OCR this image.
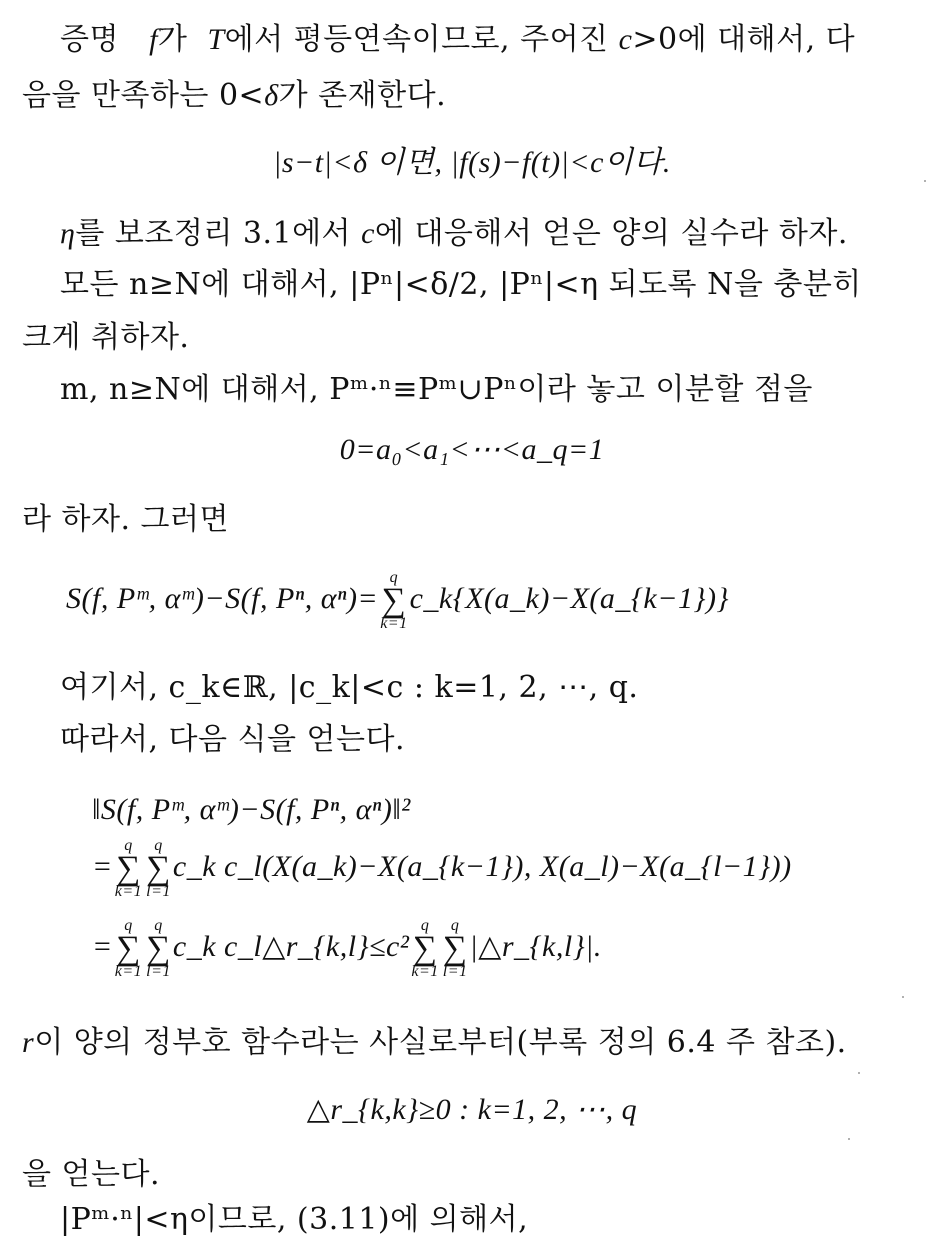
증명 f가 T에서 평등연속이므로, 주어진 c>0에 대해서, 다
음을 만족하는 0<δ가 존재한다.
|s−t|<δ 이면, |f(s)−f(t)|<c이다.
η를 보조정리 3.1에서 c에 대응해서 얻은 양의 실수라 하자.
모든 n≥N에 대해서, |Pⁿ|<δ/2, |Pⁿ|<η 되도록 N을 충분히
크게 취하자.
m, n≥N에 대해서, Pᵐ·ⁿ≡Pᵐ∪Pⁿ이라 놓고 이분할 점을
0=a₀<a₁<⋯<a_q=1
라 하자. 그러면
S(f, Pᵐ, αᵐ)−S(f, Pⁿ, αⁿ)=
q
∑
k=1
c_k{X(a_k)−X(a_{k−1})}
여기서, c_k∈ℝ, |c_k|<c : k=1, 2, ⋯, q.
따라서, 다음 식을 얻는다.
‖S(f, Pᵐ, αᵐ)−S(f, Pⁿ, αⁿ)‖²
=
q
∑
k=1
q
∑
l=1
c_k c_l(X(a_k)−X(a_{k−1}), X(a_l)−X(a_{l−1}))
=
q
∑
k=1
q
∑
l=1
c_k c_l△r_{k,l}≤c²
q
∑
k=1
q
∑
l=1
|△r_{k,l}|.
r이 양의 정부호 함수라는 사실로부터(부록 정의 6.4 주 참조).
△r_{k,k}≥0 : k=1, 2, ⋯, q
을 얻는다.
|Pᵐ·ⁿ|<η이므로, (3.11)에 의해서,
